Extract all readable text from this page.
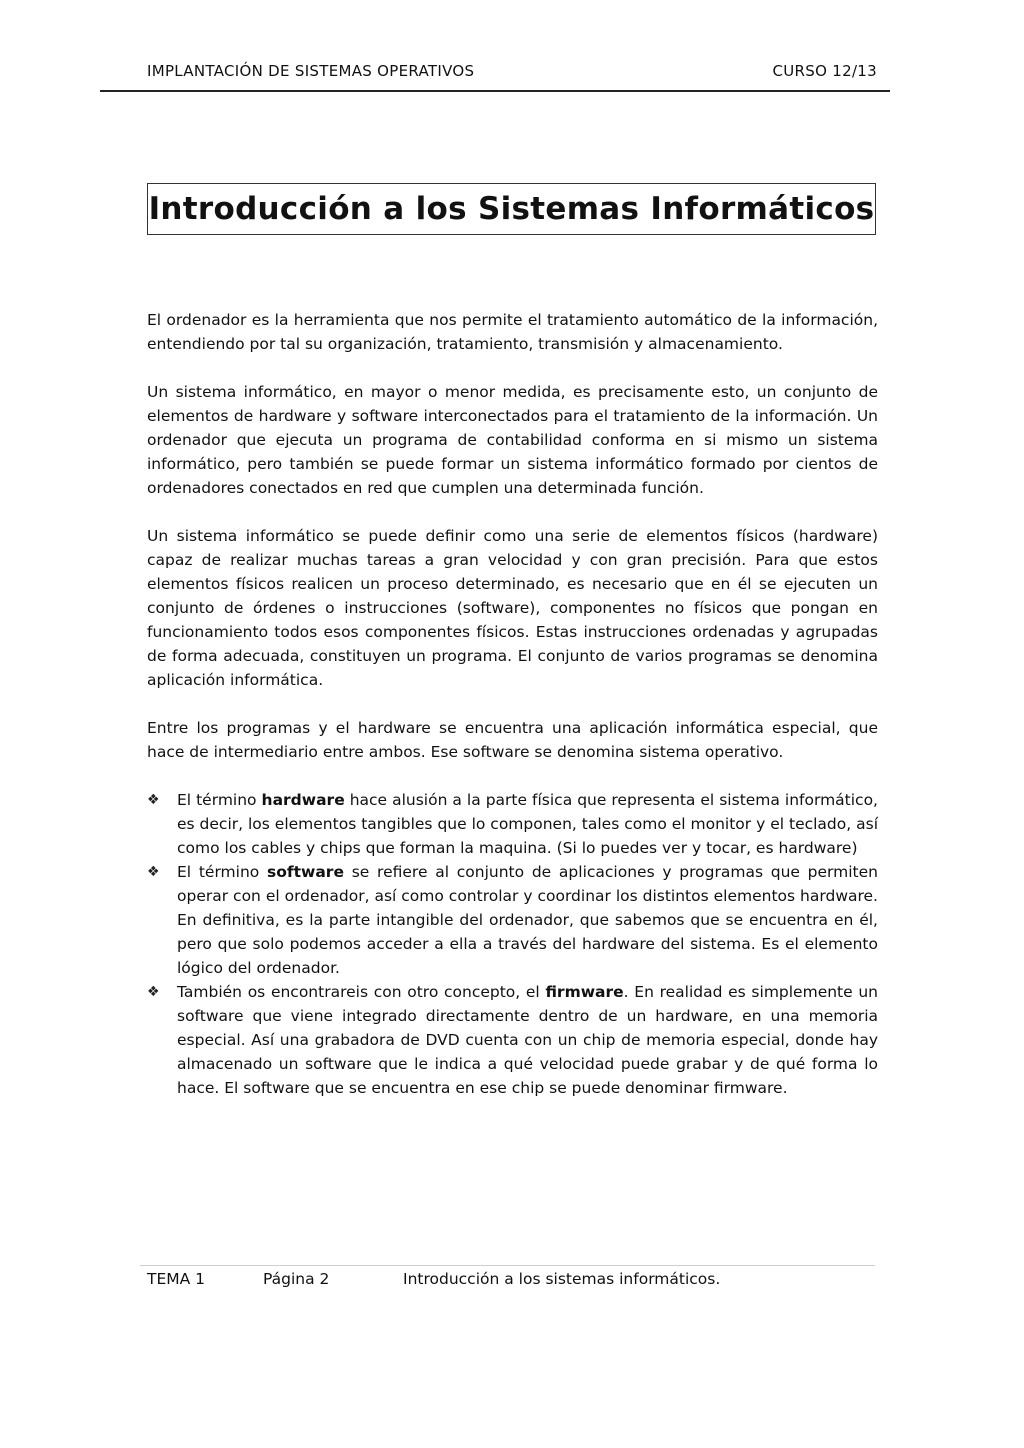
IMPLANTACIÓN DE SISTEMAS OPERATIVOS	CURSO 12/13
Introducción a los Sistemas Informáticos

El ordenador es la herramienta que nos permite el tratamiento automático de la información, entendiendo por tal su organización, tratamiento, transmisión y almacenamiento.

Un sistema informático, en mayor o menor medida, es precisamente esto, un conjunto de elementos de hardware y software interconectados para el tratamiento de la información. Un ordenador que ejecuta un programa de contabilidad conforma en si mismo un sistema informático, pero también se puede formar un sistema informático formado por cientos de ordenadores conectados en red que cumplen una determinada función.

Un sistema informático se puede definir como una serie de elementos físicos (hardware) capaz de realizar muchas tareas a gran velocidad y con gran precisión. Para que estos elementos físicos realicen un proceso determinado, es necesario que en él se ejecuten un conjunto de órdenes o instrucciones (software), componentes no físicos que pongan en funcionamiento todos esos componentes físicos. Estas instrucciones ordenadas y agrupadas de forma adecuada, constituyen un programa. El conjunto de varios programas se denomina aplicación informática.

Entre los programas y el hardware se encuentra una aplicación informática especial, que hace de intermediario entre ambos. Ese software se denomina sistema operativo.

❖ El término hardware hace alusión a la parte física que representa el sistema informático, es decir, los elementos tangibles que lo componen, tales como el monitor y el teclado, así como los cables y chips que forman la maquina. (Si lo puedes ver y tocar, es hardware)
❖ El término software se refiere al conjunto de aplicaciones y programas que permiten operar con el ordenador, así como controlar y coordinar los distintos elementos hardware. En definitiva, es la parte intangible del ordenador, que sabemos que se encuentra en él, pero que solo podemos acceder a ella a través del hardware del sistema. Es el elemento lógico del ordenador.
❖ También os encontrareis con otro concepto, el firmware. En realidad es simplemente un software que viene integrado directamente dentro de un hardware, en una memoria especial. Así una grabadora de DVD cuenta con un chip de memoria especial, donde hay almacenado un software que le indica a qué velocidad puede grabar y de qué forma lo hace. El software que se encuentra en ese chip se puede denominar firmware.
TEMA 1	Página 2	Introducción a los sistemas informáticos.
